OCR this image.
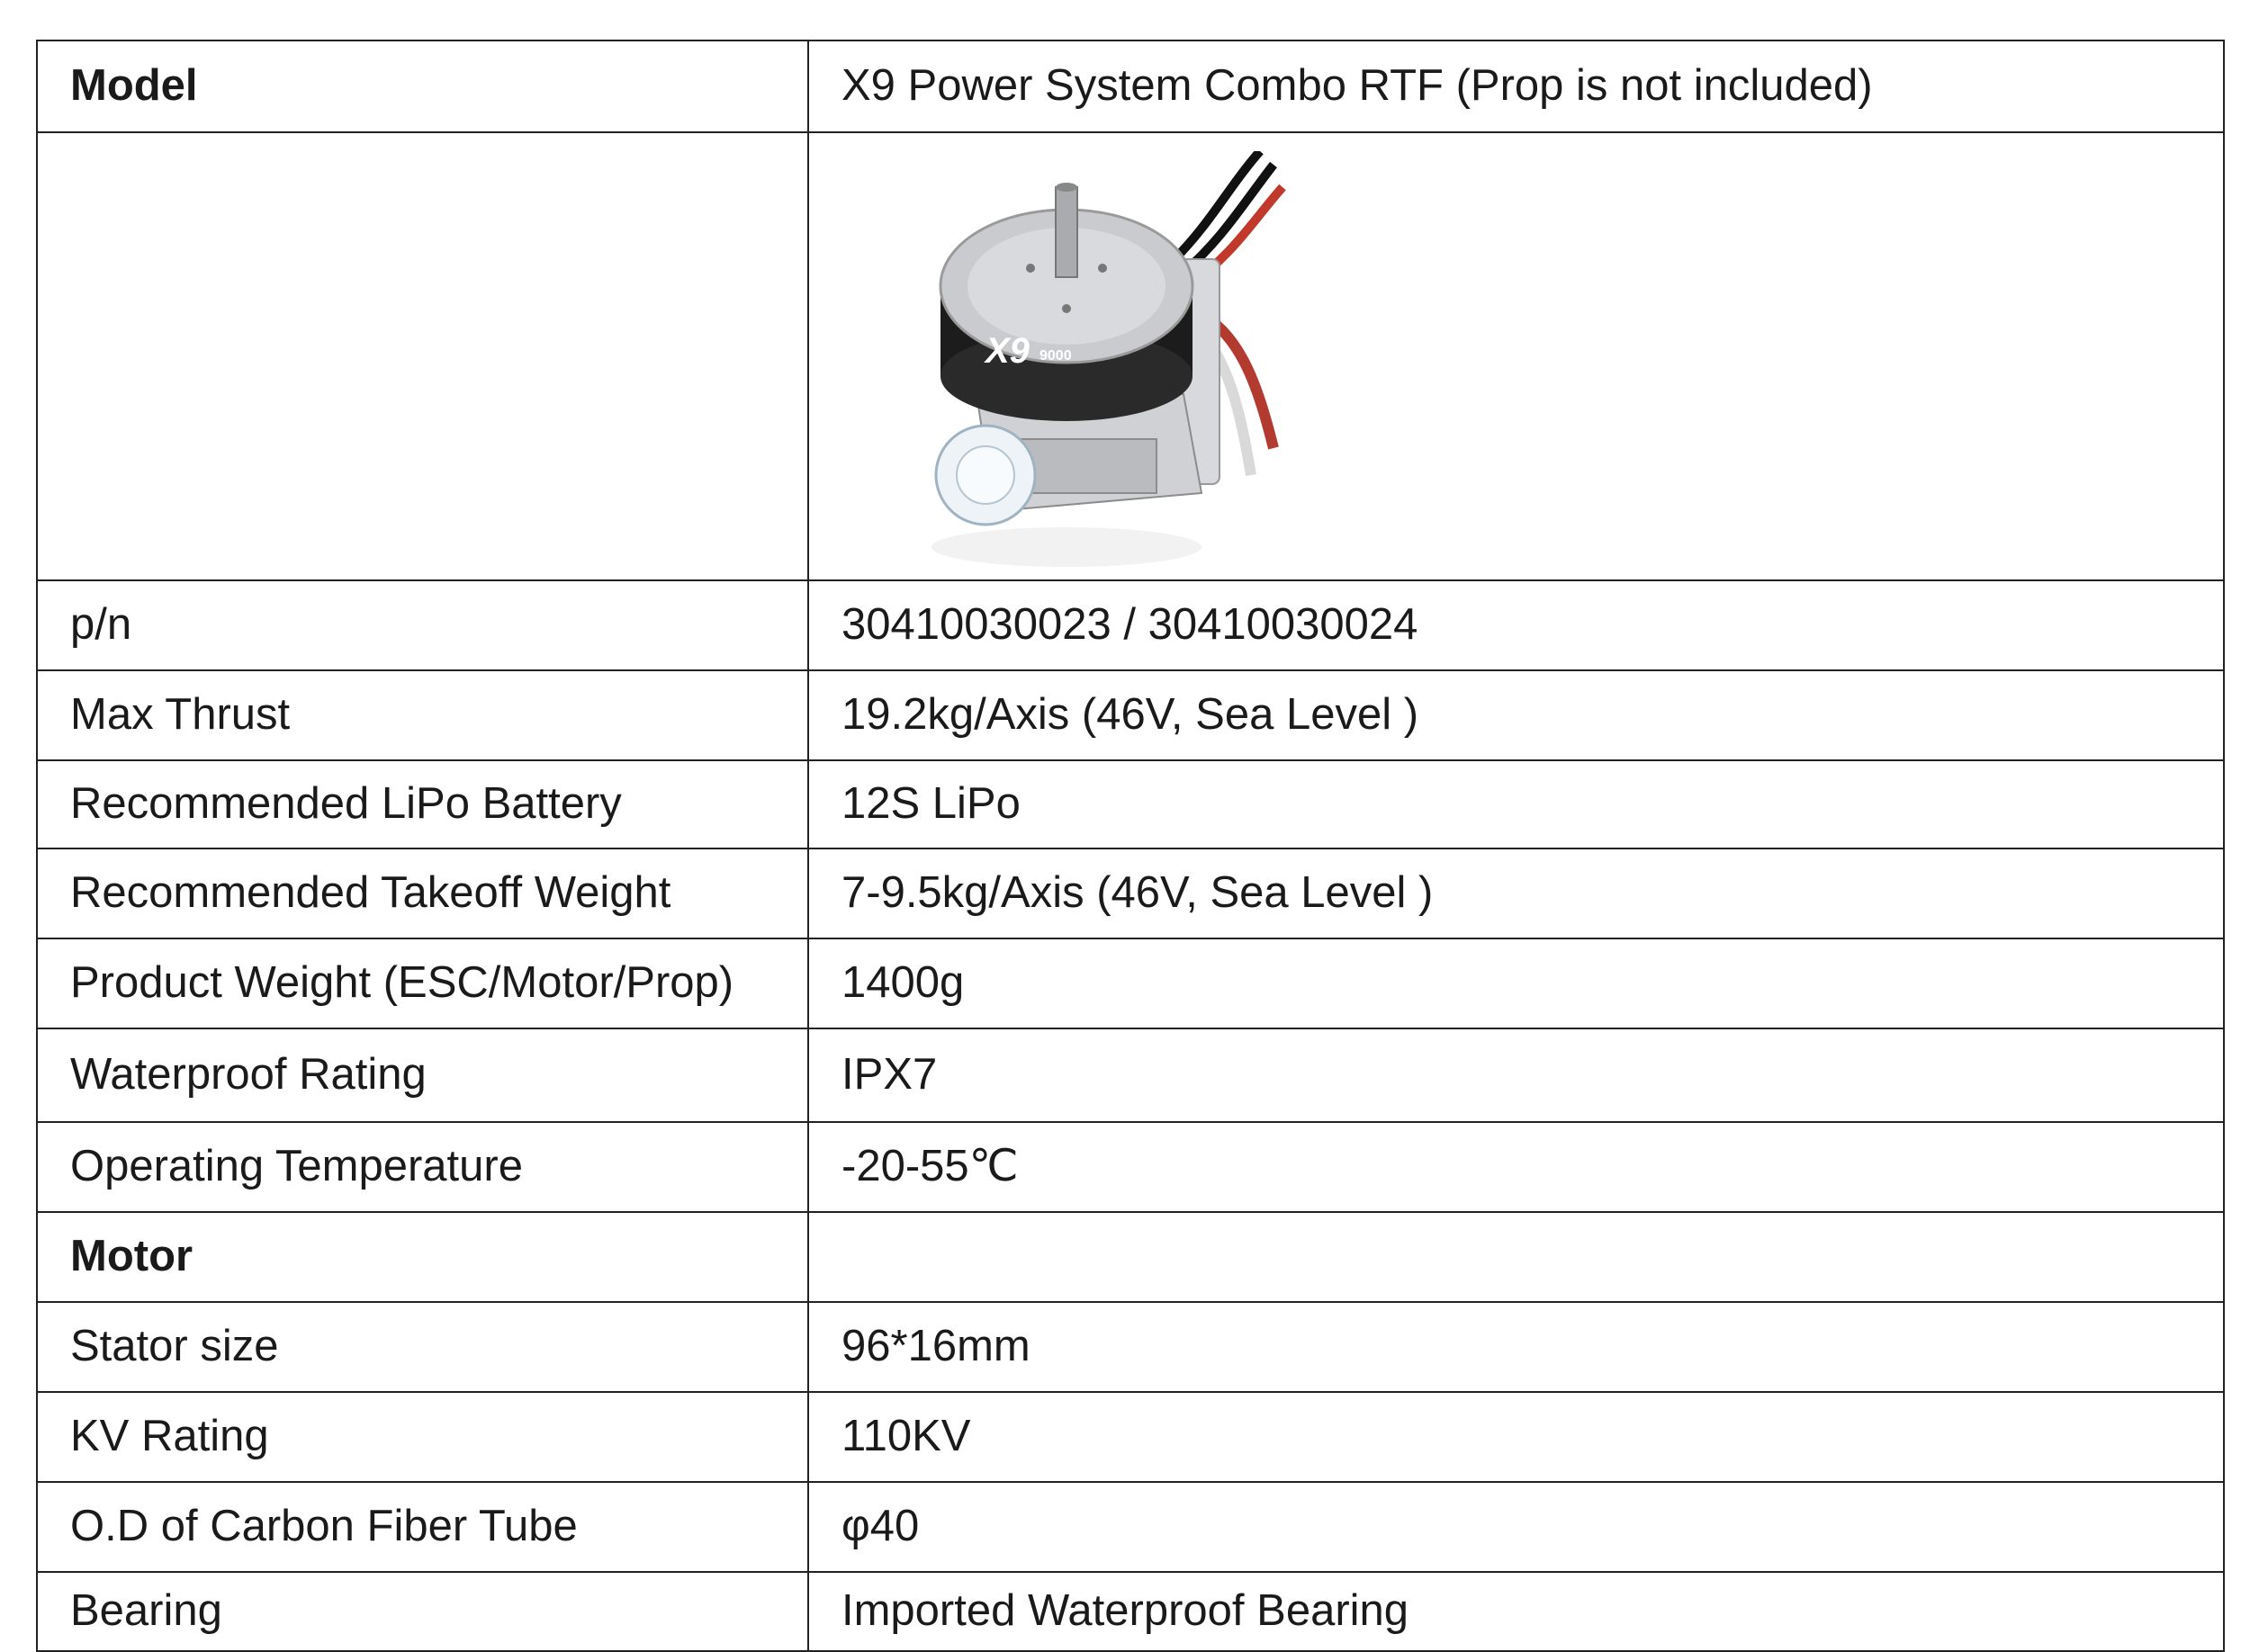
Model	X9 Power System Combo RTF (Prop is not included)

X9 9000

p/n	30410030023 / 30410030024
Max Thrust	19.2kg/Axis (46V, Sea Level )
Recommended LiPo Battery	12S LiPo
Recommended Takeoff Weight	7-9.5kg/Axis (46V, Sea Level )
Product Weight (ESC/Motor/Prop)	1400g
Waterproof Rating	IPX7
Operating Temperature	-20-55℃
Motor	
Stator size	96*16mm
KV Rating	110KV
O.D of Carbon Fiber Tube	φ40
Bearing	Imported Waterproof Bearing
